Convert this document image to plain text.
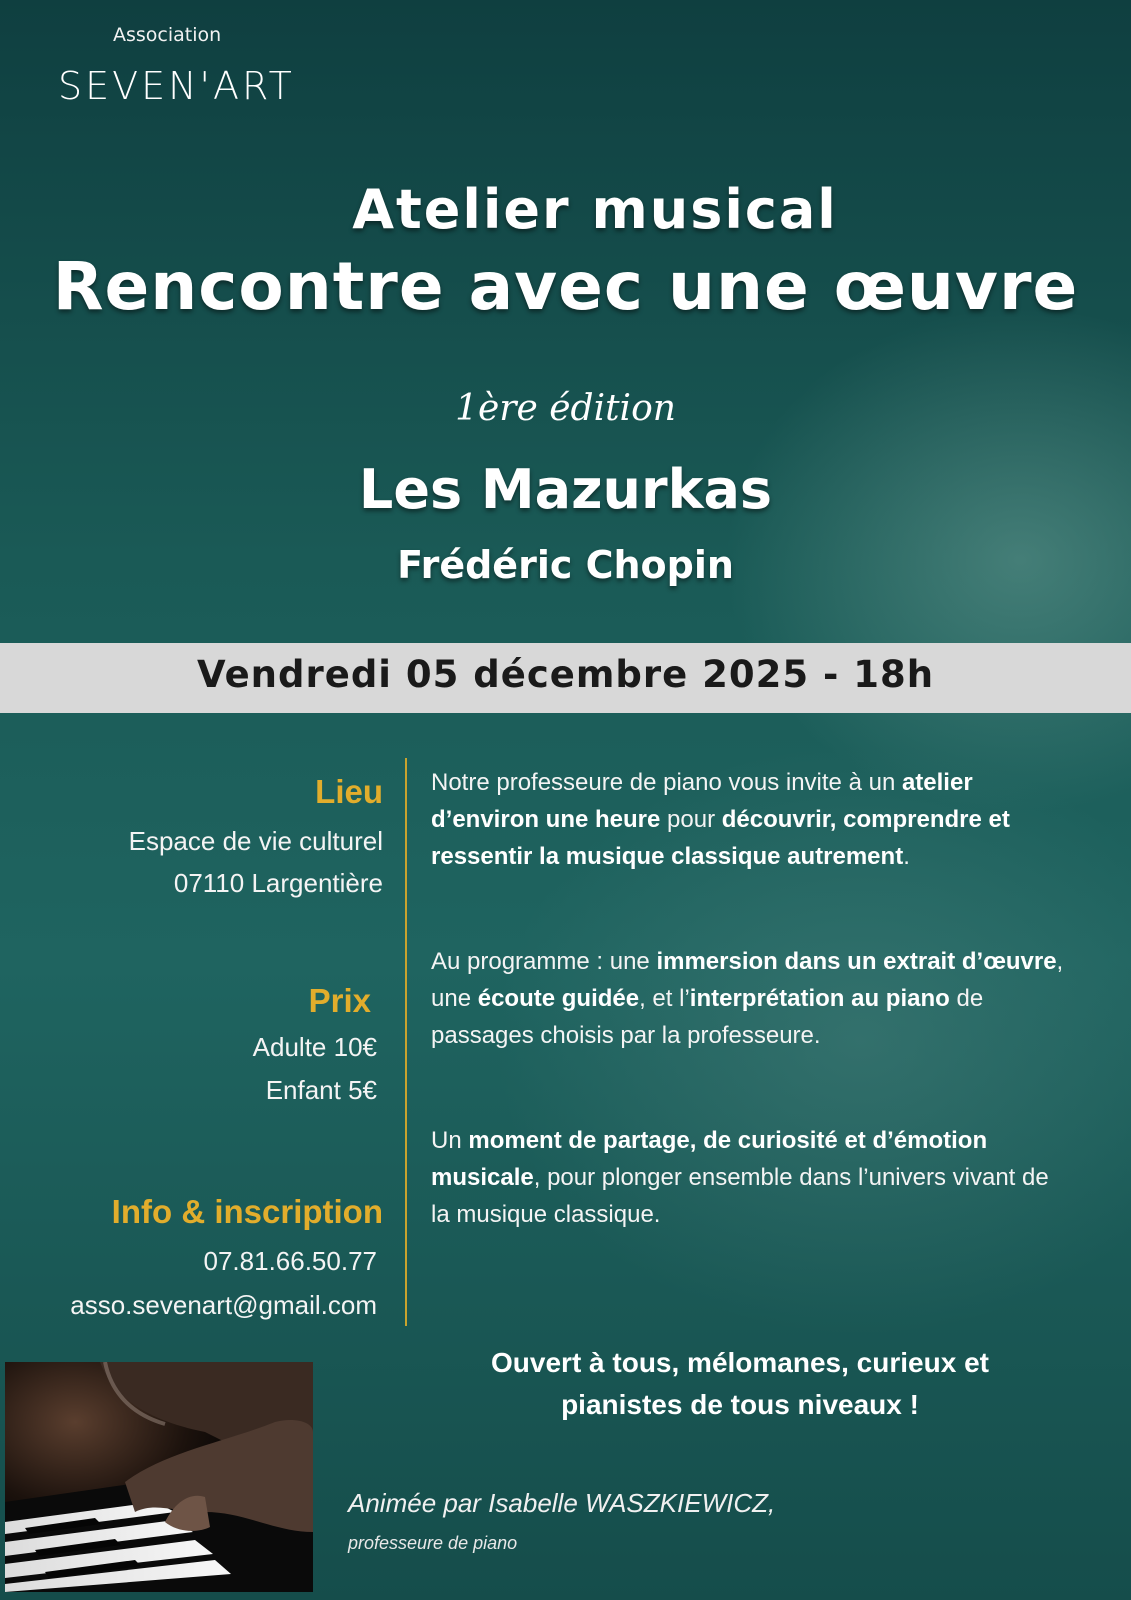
Association
SEVEN'ART
Atelier musical
Rencontre avec une œuvre
1ère édition
Les Mazurkas
Frédéric Chopin
Vendredi 05 décembre 2025 - 18h
Lieu
Espace de vie culturel
07110 Largentière
Prix
Adulte 10€
Enfant 5€
Info & inscription
07.81.66.50.77
asso.sevenart@gmail.com
Notre professeure de piano vous invite à un atelier d’environ une heure pour découvrir, comprendre et ressentir la musique classique autrement.
Au programme : une immersion dans un extrait d’œuvre, une écoute guidée, et l’interprétation au piano de passages choisis par la professeure.
Un moment de partage, de curiosité et d’émotion musicale, pour plonger ensemble dans l’univers vivant de la musique classique.
Ouvert à tous, mélomanes, curieux et pianistes de tous niveaux !
Animée par Isabelle WASZKIEWICZ,
professeure de piano
